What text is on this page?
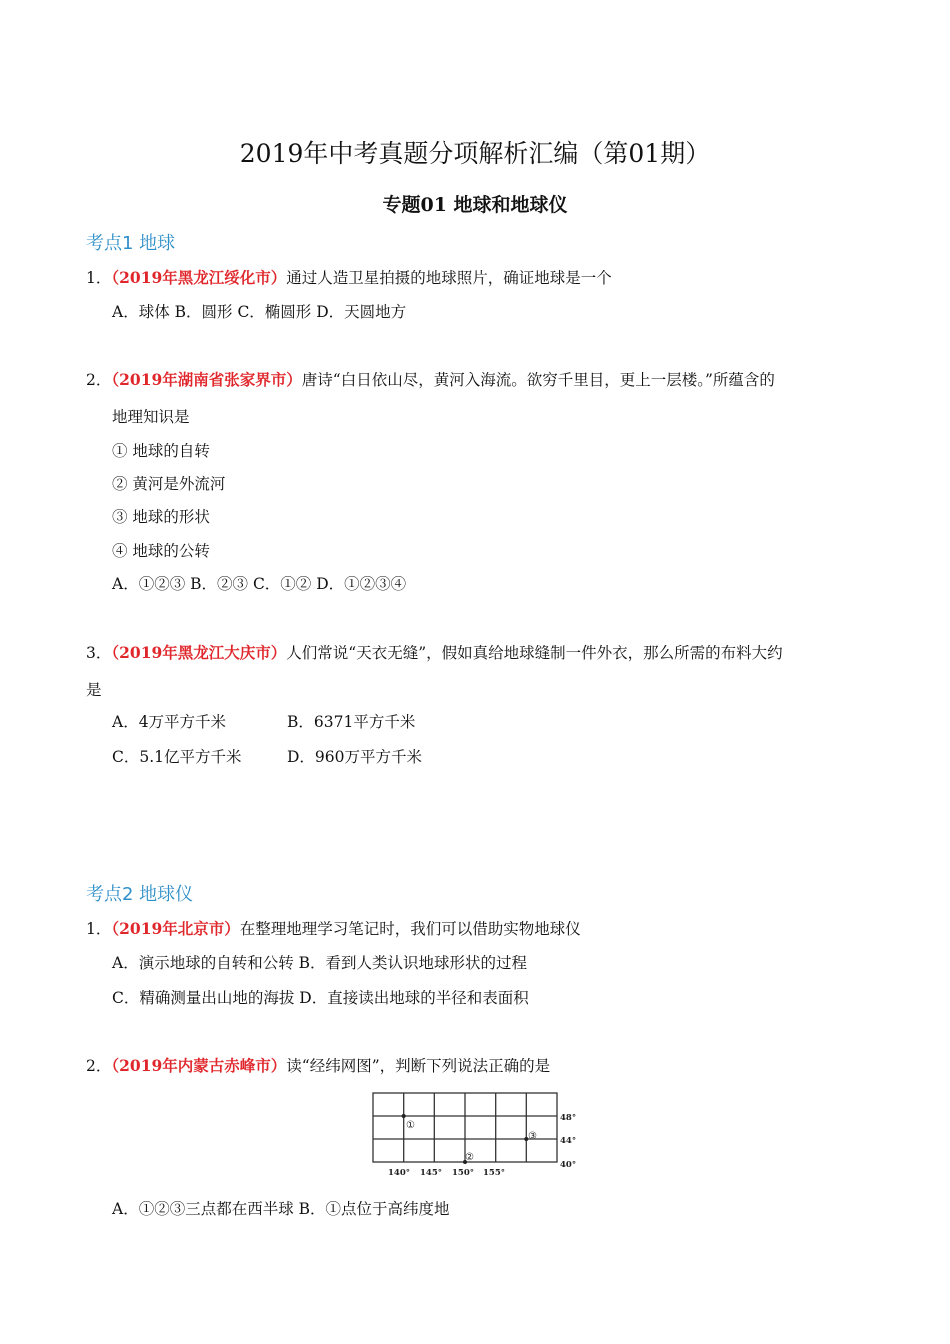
2019年中考真题分项解析汇编（第01期）
专题01 地球和地球仪
考点1 地球
1．（2019年黑龙江绥化市）通过人造卫星拍摄的地球照片，确证地球是一个
A．球体 B．圆形 C．椭圆形 D．天圆地方
2．（2019年湖南省张家界市）唐诗“白日依山尽，黄河入海流。欲穷千里目，更上一层楼。”所蕴含的
地理知识是
① 地球的自转
② 黄河是外流河
③ 地球的形状
④ 地球的公转
A．①②③ B．②③ C．①② D．①②③④
3．（2019年黑龙江大庆市）人们常说“天衣无缝”，假如真给地球缝制一件外衣，那么所需的布料大约
是
A．4万平方千米	B．6371平方千米
C．5.1亿平方千米	D．960万平方千米
考点2 地球仪
1．（2019年北京市）在整理地理学习笔记时，我们可以借助实物地球仪
A．演示地球的自转和公转 B．看到人类认识地球形状的过程
C．精确测量出山地的海拔 D．直接读出地球的半径和表面积
2．（2019年内蒙古赤峰市）读“经纬网图”，判断下列说法正确的是
①
②
③
140° 145° 150° 155°
48°
44°
40°
A．①②③三点都在西半球 B．①点位于高纬度地
